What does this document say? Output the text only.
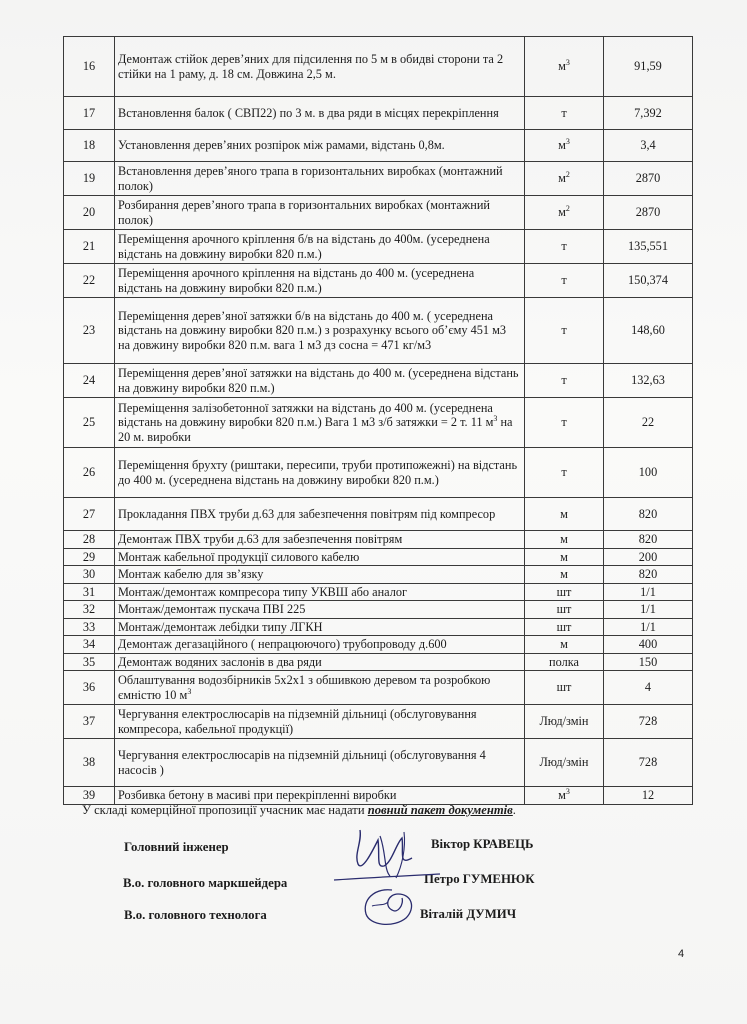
16	Демонтаж стійок дерев’яних для підсилення по 5 м в обидві сторони та 2 стійки на 1 раму, д. 18 см. Довжина 2,5 м.	$м^3$	91,59
17	Встановлення балок ( СВП22) по 3 м. в два ряди в місцях перекріплення	т	7,392
18	Установлення дерев’яних розпірок між рамами, відстань 0,8м.	$м^3$	3,4
19	Встановлення дерев’яного трапа в горизонтальних виробках (монтажний полок)	$м^2$	2870
20	Розбирання дерев’яного трапа в горизонтальних виробках (монтажний полок)	$м^2$	2870
21	Переміщення арочного кріплення б/в на відстань до 400м. (усереднена відстань на довжину виробки 820 п.м.)	т	135,551
22	Переміщення арочного кріплення на відстань до 400 м. (усереднена відстань на довжину виробки 820 п.м.)	т	150,374
23	Переміщення дерев’яної затяжки б/в на відстань до 400 м. ( усереднена відстань на довжину виробки 820 п.м.) з розрахунку всього об’єму 451 м3 на довжину виробки 820 п.м. вага 1 м3 дз сосна = 471 кг/м3	т	148,60
24	Переміщення дерев’яної затяжки на відстань до 400 м. (усереднена відстань на довжину виробки 820 п.м.)	т	132,63
25	Переміщення залізобетонної затяжки на відстань до 400 м. (усереднена відстань на довжину виробки 820 п.м.) Вага 1 м3 з/б затяжки = 2 т. 11 $м^3$ на 20 м. виробки	т	22
26	Переміщення брухту (риштаки, пересипи, труби протипожежні) на відстань до 400 м. (усереднена відстань на довжину виробки 820 п.м.)	т	100
27	Прокладання ПВХ труби д.63 для забезпечення повітрям під компресор	м	820
28	Демонтаж ПВХ труби д.63 для забезпечення повітрям	м	820
29	Монтаж кабельної продукції силового кабелю	м	200
30	Монтаж кабелю для зв’язку	м	820
31	Монтаж/демонтаж компресора типу УКВШ або аналог	шт	1/1
32	Монтаж/демонтаж пускача ПВІ 225	шт	1/1
33	Монтаж/демонтаж лебідки типу ЛГКН	шт	1/1
34	Демонтаж дегазаційного ( непрацюючого) трубопроводу д.600	м	400
35	Демонтаж водяних заслонів в два ряди	полка	150
36	Облаштування водозбірників 5х2х1 з обшивкою деревом та розробкою ємністю 10 $м^3$	шт	4
37	Чергування електрослюсарів на підземній дільниці (обслуговування компресора, кабельної продукції)	Люд/змін	728
38	Чергування електрослюсарів на підземній дільниці (обслуговування 4 насосів )	Люд/змін	728
39	Розбивка бетону в масиві при перекріпленні виробки	$м^3$	12
У складі комерційної пропозиції учасник має надати повний пакет документів.
Головний інженер	Віктор КРАВЕЦЬ
В.о. головного маркшейдера	Петро ГУМЕНЮК
В.о. головного технолога	Віталій ДУМИЧ
4
